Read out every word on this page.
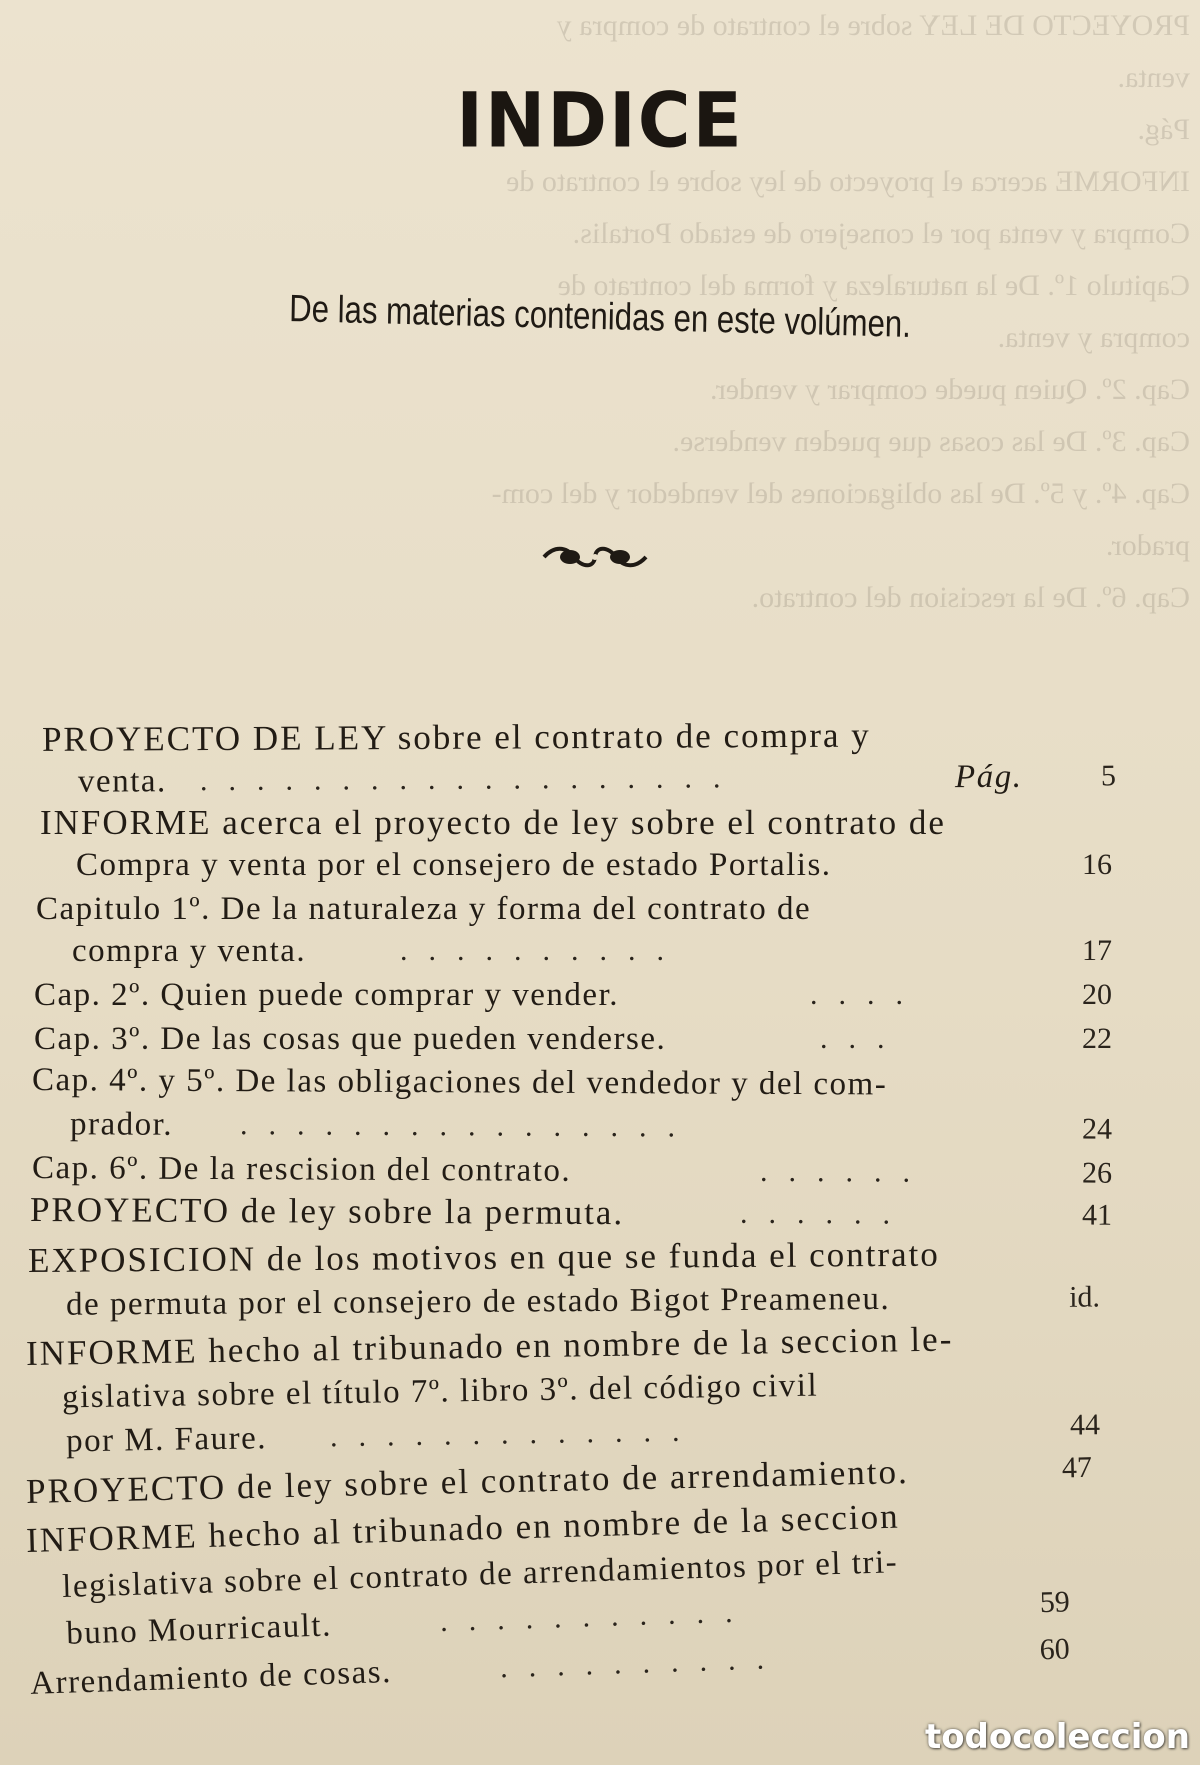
PROYECTO DE LEY sobre el contrato de compra y
venta.
Pág.
INFORME acerca el proyecto de ley sobre el contrato de
Compra y venta por el consejero de estado Portalis.
Capitulo 1º. De la naturaleza y forma del contrato de
compra y venta.
Cap. 2º. Quien puede comprar y vender.
Cap. 3º. De las cosas que pueden venderse.
Cap. 4º. y 5º. De las obligaciones del vendedor y del com-
prador.
Cap. 6º. De la rescision del contrato.
INDICE
De las materias contenidas en este volúmen.
PROYECTO DE LEY sobre el contrato de compra y
venta. ...................	Pág.	5
INFORME acerca el proyecto de ley sobre el contrato de
Compra y venta por el consejero de estado Portalis.	16
Capitulo 1º. De la naturaleza y forma del contrato de
compra y venta.	..........	17
Cap. 2º. Quien puede comprar y vender.	....	20
Cap. 3º. De las cosas que pueden venderse.	...	22
Cap. 4º. y 5º. De las obligaciones del vendedor y del com-
prador. ................	24
Cap. 6º. De la rescision del contrato.	......	26
PROYECTO de ley sobre la permuta.	......	41
EXPOSICION de los motivos en que se funda el contrato
de permuta por el consejero de estado Bigot Preameneu.	id.
INFORME hecho al tribunado en nombre de la seccion le-
gislativa sobre el título 7º. libro 3º. del código civil
por M. Faure. .............	44
PROYECTO de ley sobre el contrato de arrendamiento.	47
INFORME hecho al tribunado en nombre de la seccion
legislativa sobre el contrato de arrendamientos por el tri-
buno Mourricault.	...........	59
Arrendamiento de cosas.	..........	60
todocoleccion
